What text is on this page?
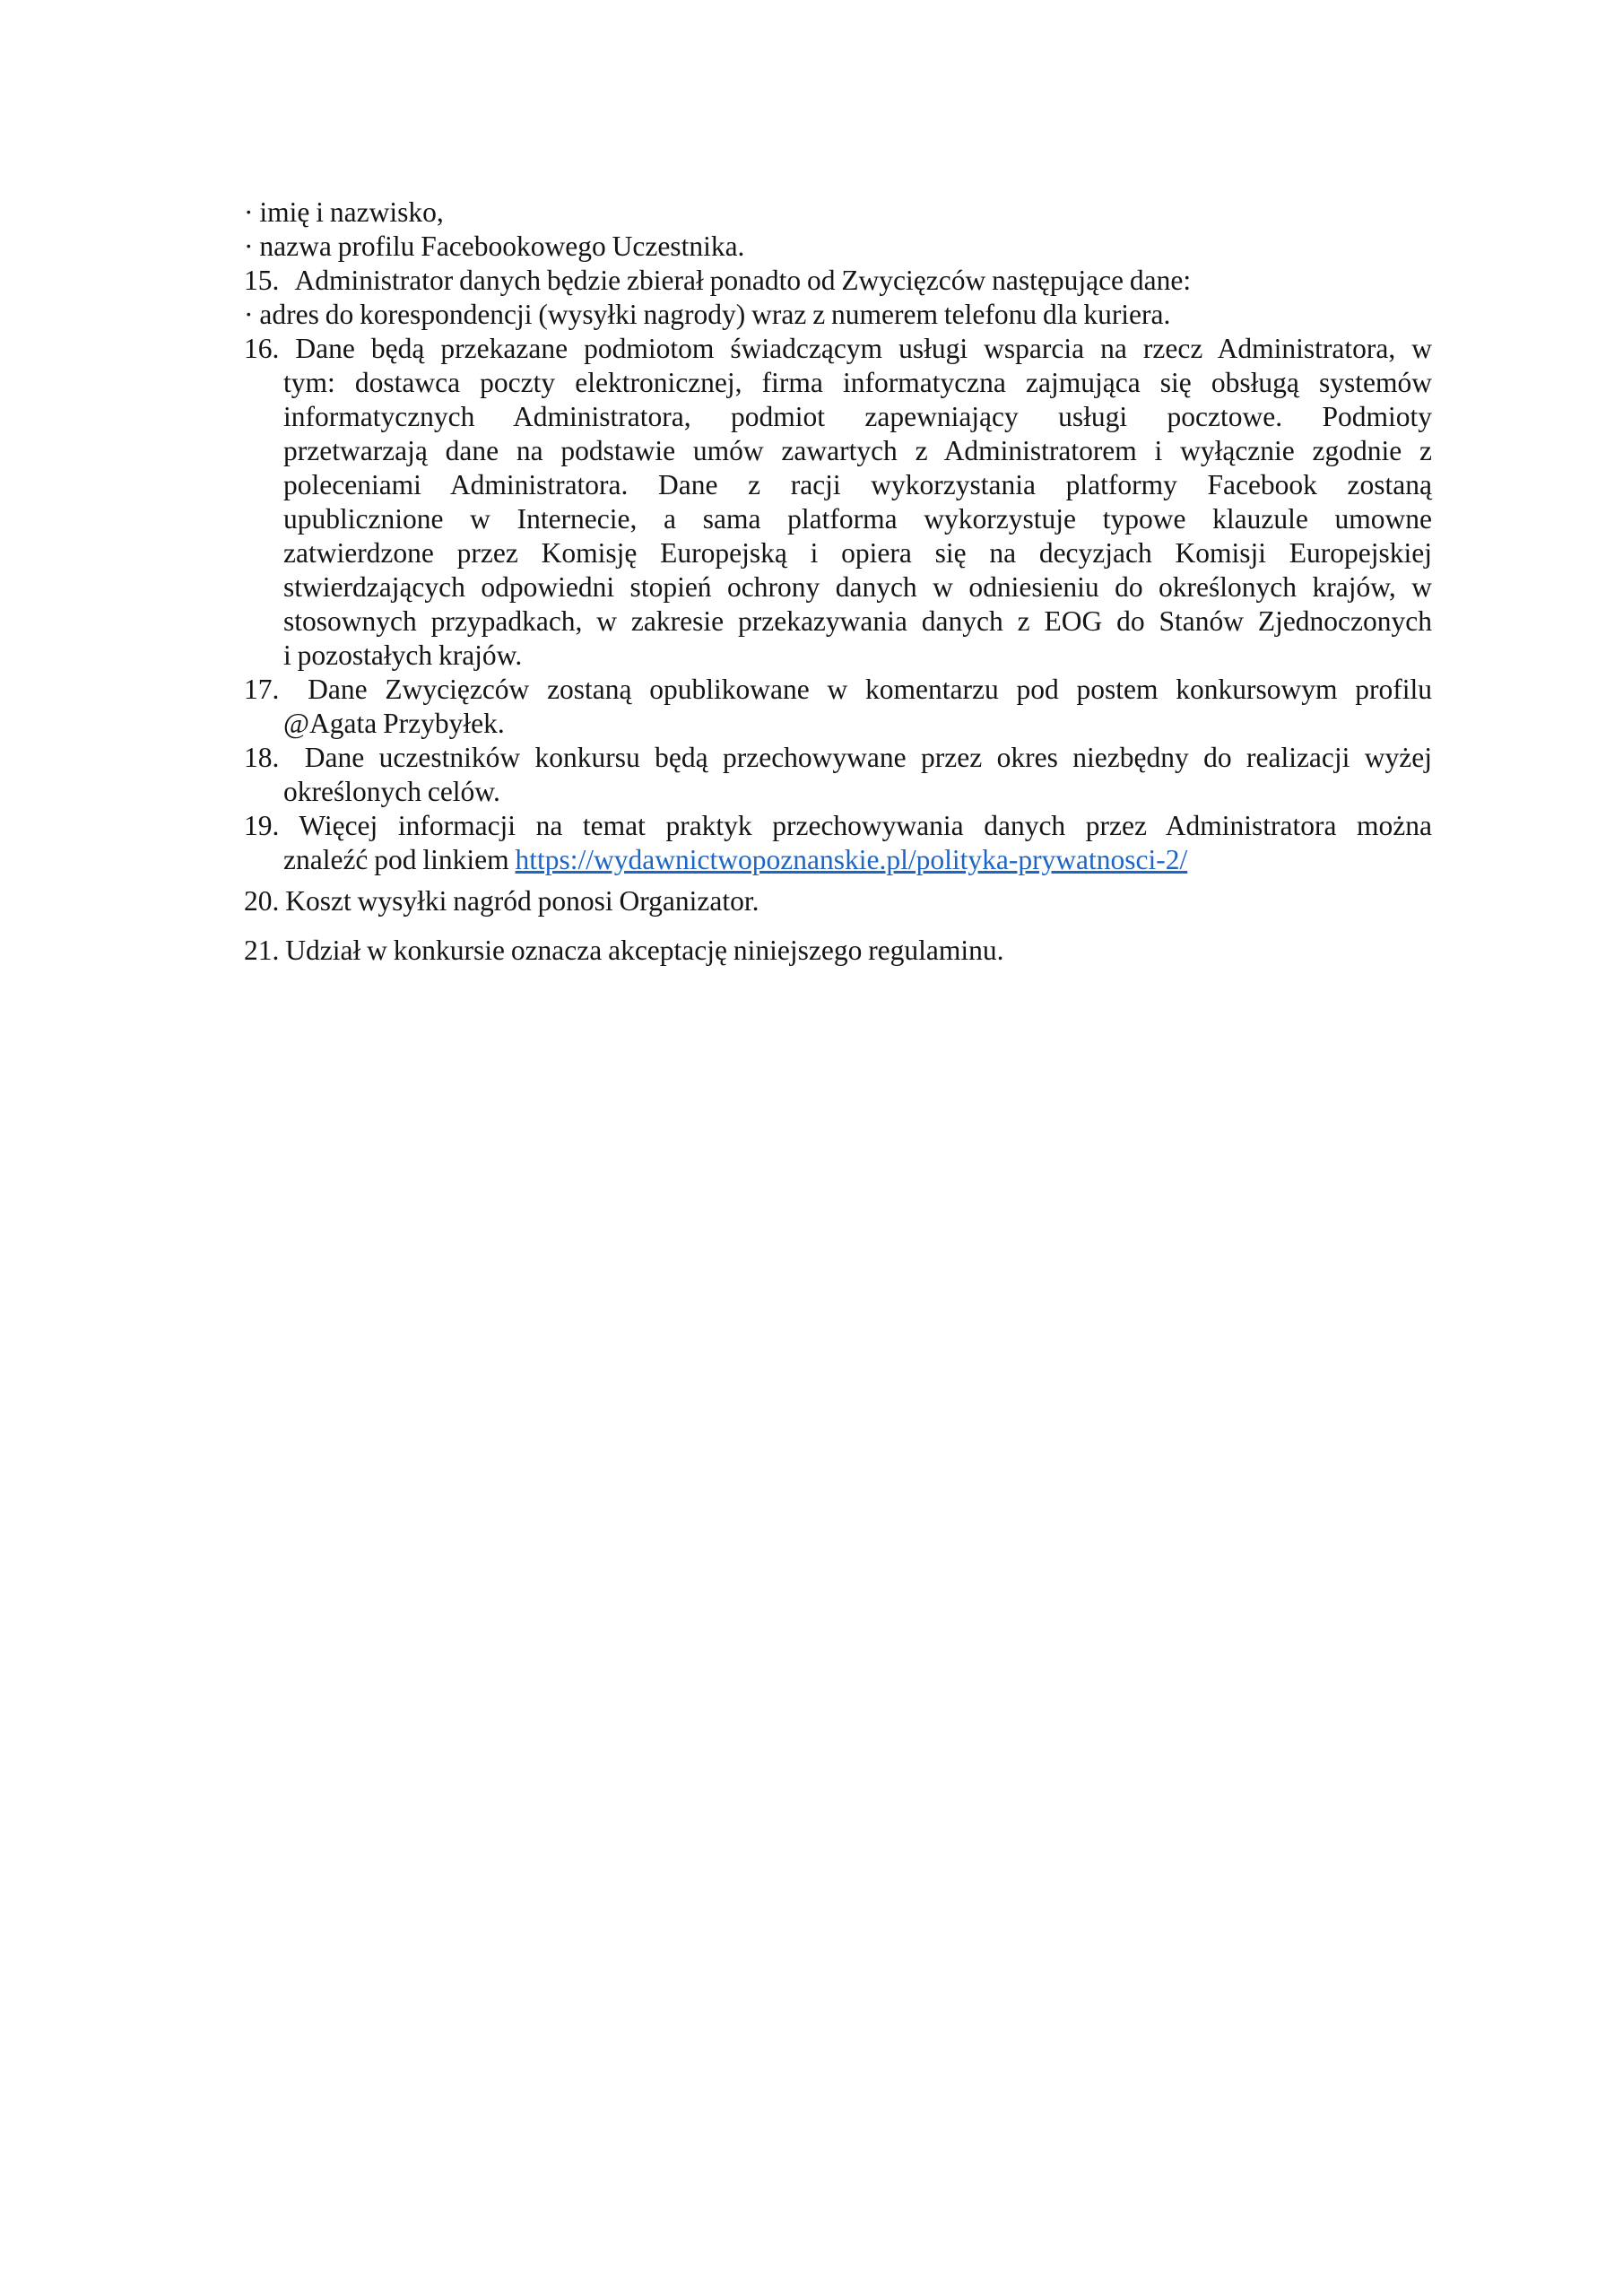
· imię i nazwisko,
· nazwa profilu Facebookowego Uczestnika.
15. Administrator danych będzie zbierał ponadto od Zwycięzców następujące dane:
· adres do korespondencji (wysyłki nagrody) wraz z numerem telefonu dla kuriera.
16. Dane będą przekazane podmiotom świadczącym usługi wsparcia na rzecz Administratora, w
tym: dostawca poczty elektronicznej, firma informatyczna zajmująca się obsługą systemów
informatycznych Administratora, podmiot zapewniający usługi pocztowe. Podmioty
przetwarzają dane na podstawie umów zawartych z Administratorem i wyłącznie zgodnie z
poleceniami Administratora. Dane z racji wykorzystania platformy Facebook zostaną
upublicznione w Internecie, a sama platforma wykorzystuje typowe klauzule umowne
zatwierdzone przez Komisję Europejską i opiera się na decyzjach Komisji Europejskiej
stwierdzających odpowiedni stopień ochrony danych w odniesieniu do określonych krajów, w
stosownych przypadkach, w zakresie przekazywania danych z EOG do Stanów Zjednoczonych
i pozostałych krajów.
17. Dane Zwycięzców zostaną opublikowane w komentarzu pod postem konkursowym profilu
@Agata Przybyłek.
18. Dane uczestników konkursu będą przechowywane przez okres niezbędny do realizacji wyżej
określonych celów.
19. Więcej informacji na temat praktyk przechowywania danych przez Administratora można
znaleźć pod linkiem https://wydawnictwopoznanskie.pl/polityka-prywatnosci-2/
20. Koszt wysyłki nagród ponosi Organizator.
21. Udział w konkursie oznacza akceptację niniejszego regulaminu.
